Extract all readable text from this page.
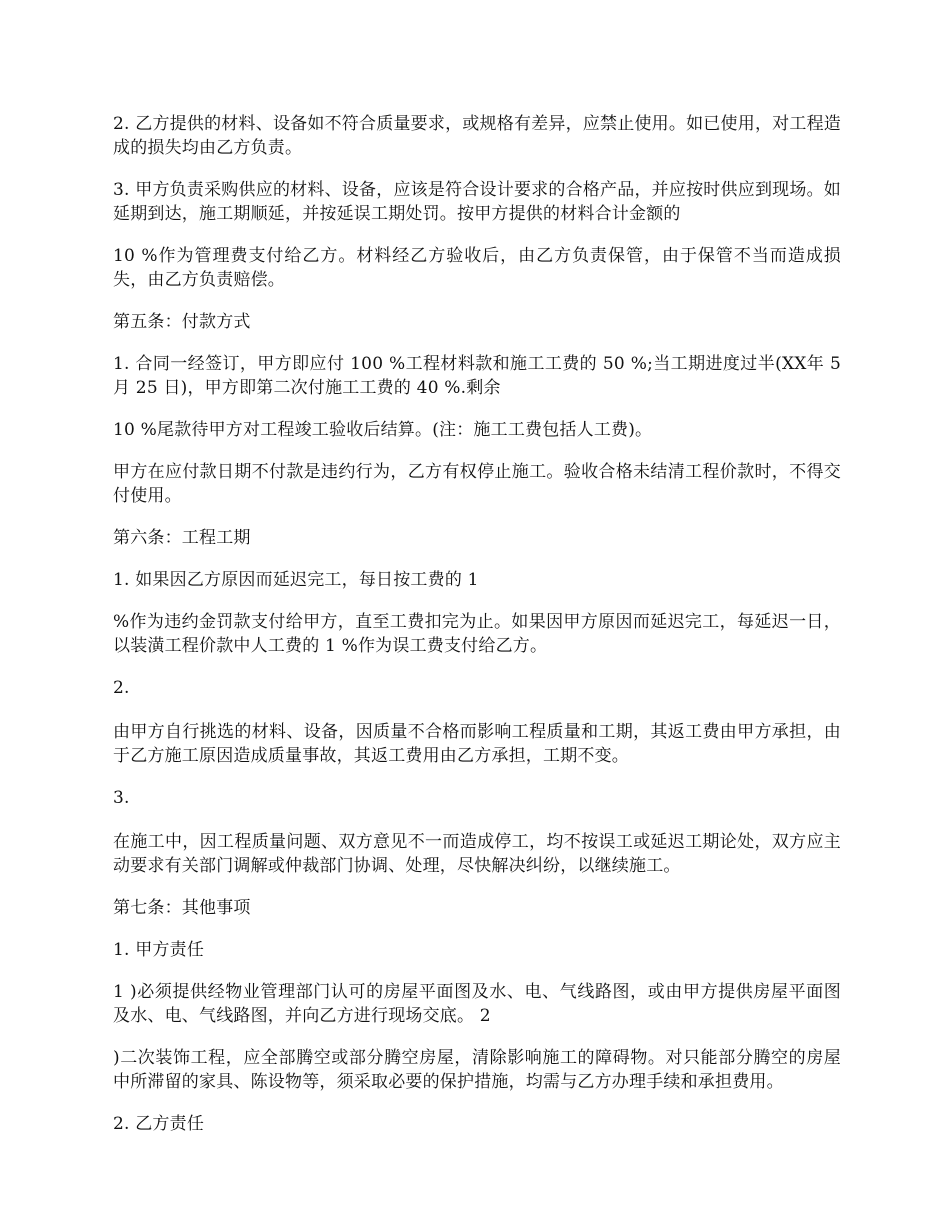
2. 乙方提供的材料、设备如不符合质量要求，或规格有差异，应禁止使用。如已使用，对工程造成的损失均由乙方负责。

3. 甲方负责采购供应的材料、设备，应该是符合设计要求的合格产品，并应按时供应到现场。如延期到达，施工期顺延，并按延误工期处罚。按甲方提供的材料合计金额的

10 %作为管理费支付给乙方。材料经乙方验收后，由乙方负责保管，由于保管不当而造成损失，由乙方负责赔偿。

第五条：付款方式

1. 合同一经签订，甲方即应付 100 %工程材料款和施工工费的 50 %;当工期进度过半(XX年 5 月 25 日)，甲方即第二次付施工工费的 40 %.剩余

10 %尾款待甲方对工程竣工验收后结算。(注：施工工费包括人工费)。

甲方在应付款日期不付款是违约行为，乙方有权停止施工。验收合格未结清工程价款时，不得交付使用。

第六条：工程工期

1. 如果因乙方原因而延迟完工，每日按工费的 1

%作为违约金罚款支付给甲方，直至工费扣完为止。如果因甲方原因而延迟完工，每延迟一日，以装潢工程价款中人工费的 1 %作为误工费支付给乙方。

2.

由甲方自行挑选的材料、设备，因质量不合格而影响工程质量和工期，其返工费由甲方承担，由于乙方施工原因造成质量事故，其返工费用由乙方承担，工期不变。

3.

在施工中，因工程质量问题、双方意见不一而造成停工，均不按误工或延迟工期论处，双方应主动要求有关部门调解或仲裁部门协调、处理，尽快解决纠纷，以继续施工。

第七条：其他事项

1. 甲方责任

1 )必须提供经物业管理部门认可的房屋平面图及水、电、气线路图，或由甲方提供房屋平面图及水、电、气线路图，并向乙方进行现场交底。 2

)二次装饰工程，应全部腾空或部分腾空房屋，清除影响施工的障碍物。对只能部分腾空的房屋中所滞留的家具、陈设物等，须采取必要的保护措施，均需与乙方办理手续和承担费用。

2. 乙方责任
